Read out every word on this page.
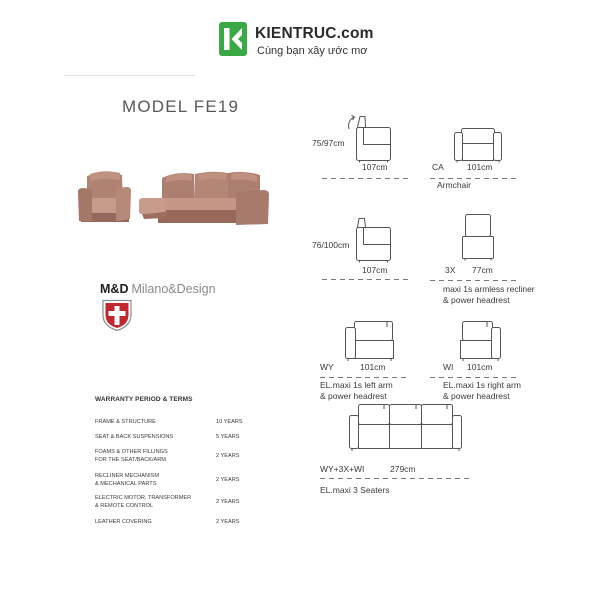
KIENTRUC.com
Cùng bạn xây ước mơ
MODEL FE19
M&D Milano&Design
WARRANTY PERIOD & TERMS
FRAME & STRUCTURE	10 YEARS
SEAT & BACK SUSPENSIONS	5 YEARS
FOAMS & OTHER FILLINGS
FOR THE SEAT/BACK/ARM
2 YEARS
RECLINER MECHANISM
& MECHANICAL PARTS
2 YEARS
ELECTRIC MOTOR, TRANSFORMER
& REMOTE CONTROL
2 YEARS
LEATHER COVERING	2 YEARS
75/97cm
107cm	CA	101cm
Armchair
76/100cm
107cm	3X 77cm
maxi 1s armless recliner
& power headrest
WY	101cm
EL.maxi 1s left arm
& power headrest
WI 101cm
EL.maxi 1s right arm
& power headrest
WY+3X+WI	279cm
EL.maxi 3 Seaters
